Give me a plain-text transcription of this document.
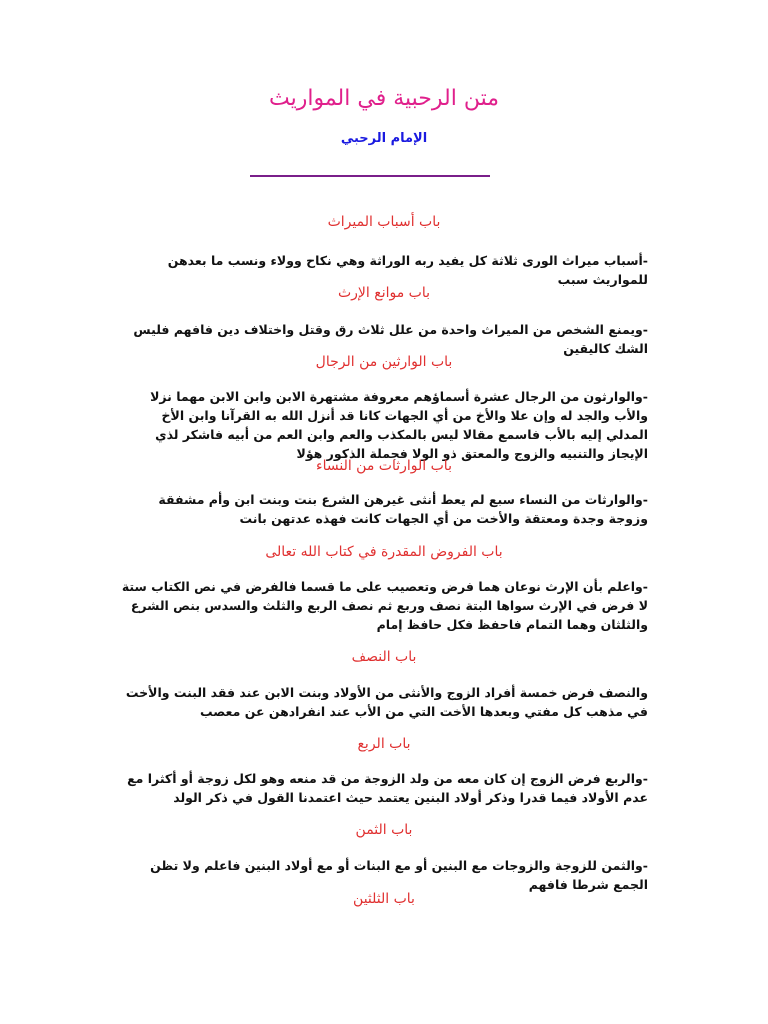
متن الرحبية في المواريث
الإمام الرحبي
باب أسباب الميراث
-أسباب ميراث الورى ثلاثة كل يفيد ربه الوراثة وهي نكاح وولاء ونسب ما بعدهن للمواريث سبب
باب موانع الإرث
-ويمنع الشخص من الميراث واحدة من علل ثلاث رق وقتل واختلاف دين فافهم فليس الشك كاليقين
باب الوارثين من الرجال
-والوارثون من الرجال عشرة أسماؤهم معروفة مشتهرة الابن وابن الابن مهما نزلا والأب والجد له وإن علا والأخ من أي الجهات كانا قد أنزل الله به القرآنا وابن الأخ المدلي إليه بالأب فاسمع مقالا ليس بالمكذب والعم وابن العم من أبيه فاشكر لذي الإيجاز والتنبيه والزوج والمعتق ذو الولا فجملة الذكور هؤلا
باب الوارثات من النساء
-والوارثات من النساء سبع لم يعط أنثى غيرهن الشرع بنت وبنت ابن وأم مشفقة وزوجة وجدة ومعتقة والأخت من أي الجهات كانت فهذه عدتهن بانت
باب الفروض المقدرة في كتاب الله تعالى
-واعلم بأن الإرث نوعان هما فرض وتعصيب على ما قسما فالفرض في نص الكتاب ستة لا فرض في الإرث سواها البتة نصف وربع ثم نصف الربع والثلث والسدس بنص الشرع والثلثان وهما التمام فاحفظ فكل حافظ إمام
باب النصف
والنصف فرض خمسة أفراد الزوج والأنثى من الأولاد وبنت الابن عند فقد البنت والأخت في مذهب كل مفتي وبعدها الأخت التي من الأب عند انفرادهن عن معصب
باب الربع
-والربع فرض الزوج إن كان معه من ولد الزوجة من قد منعه وهو لكل زوجة أو أكثرا مع عدم الأولاد فيما قدرا وذكر أولاد البنين يعتمد حيث اعتمدنا القول في ذكر الولد
باب الثمن
-والثمن للزوجة والزوجات مع البنين أو مع البنات أو مع أولاد البنين فاعلم ولا تظن الجمع شرطا فافهم
باب الثلثين
